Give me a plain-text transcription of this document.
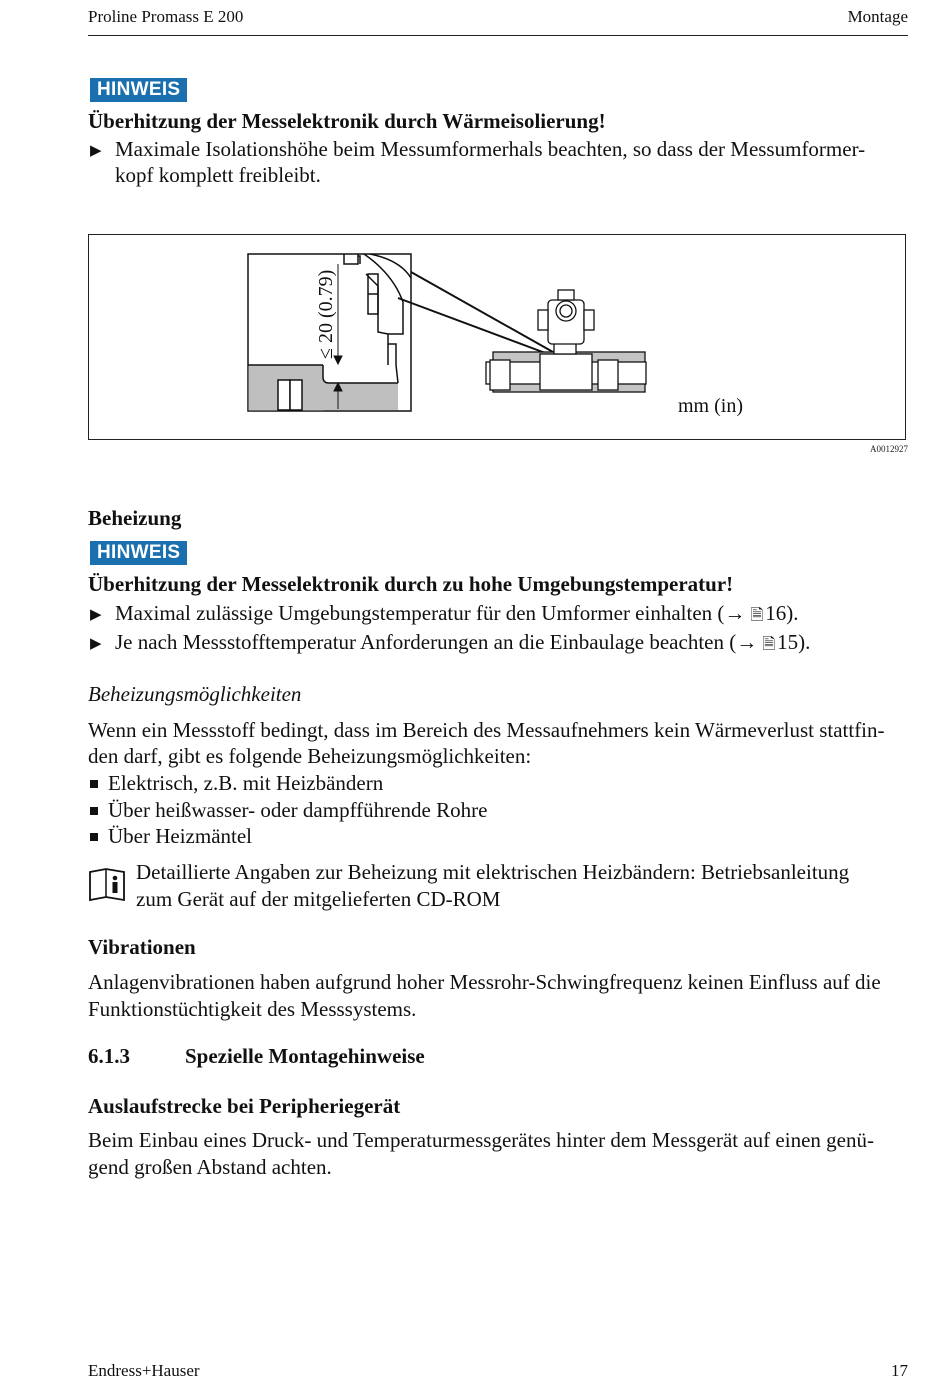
Proline Promass E 200	Montage
HINWEIS
Überhitzung der Messelektronik durch Wärmeisolierung!
▶ Maximale Isolationshöhe beim Messumformerhals beachten, so dass der Messumformer-
kopf komplett freibleibt.
≤ 20 (0.79)
mm (in)
A0012927
Beheizung
HINWEIS
Überhitzung der Messelektronik durch zu hohe Umgebungstemperatur!
▶ Maximal zulässige Umgebungstemperatur für den Umformer einhalten (→ 🗎 16).
▶ Je nach Messstofftemperatur Anforderungen an die Einbaulage beachten (→ 🗎 15).
Beheizungsmöglichkeiten
Wenn ein Messstoff bedingt, dass im Bereich des Messaufnehmers kein Wärmeverlust stattfin-
den darf, gibt es folgende Beheizungsmöglichkeiten:
Elektrisch, z.B. mit Heizbändern
Über heißwasser- oder dampfführende Rohre
Über Heizmäntel
Detaillierte Angaben zur Beheizung mit elektrischen Heizbändern: Betriebsanleitung
zum Gerät auf der mitgelieferten CD-ROM
Vibrationen
Anlagenvibrationen haben aufgrund hoher Messrohr-Schwingfrequenz keinen Einfluss auf die
Funktionstüchtigkeit des Messsystems.
6.1.3	Spezielle Montagehinweise
Auslaufstrecke bei Peripheriegerät
Beim Einbau eines Druck- und Temperaturmessgerätes hinter dem Messgerät auf einen genü-
gend großen Abstand achten.
Endress+Hauser	17
